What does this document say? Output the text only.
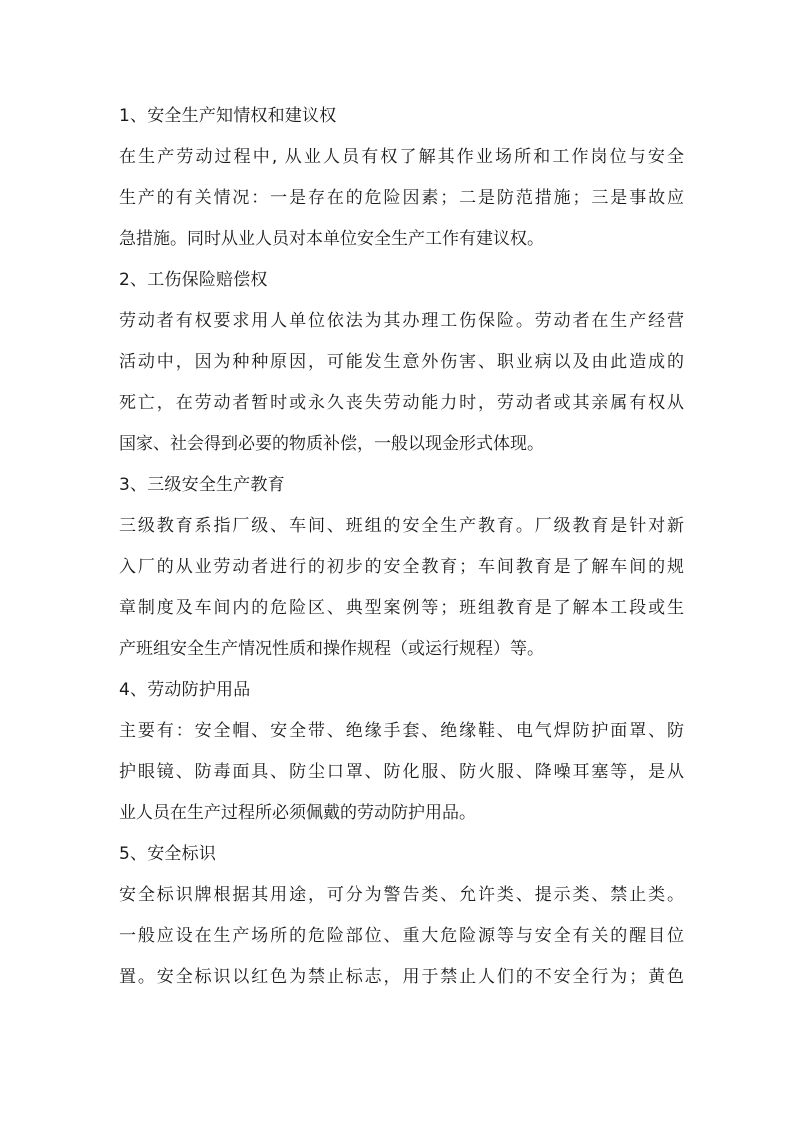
1、安全生产知情权和建议权
在生产劳动过程中, 从业人员有权了解其作业场所和工作岗位与安全
生产的有关情况：一是存在的危险因素；二是防范措施；三是事故应
急措施。同时从业人员对本单位安全生产工作有建议权。
2、工伤保险赔偿权
劳动者有权要求用人单位依法为其办理工伤保险。劳动者在生产经营
活动中，因为种种原因，可能发生意外伤害、职业病以及由此造成的
死亡，在劳动者暂时或永久丧失劳动能力时，劳动者或其亲属有权从
国家、社会得到必要的物质补偿，一般以现金形式体现。
3、三级安全生产教育
三级教育系指厂级、车间、班组的安全生产教育。厂级教育是针对新
入厂的从业劳动者进行的初步的安全教育；车间教育是了解车间的规
章制度及车间内的危险区、典型案例等；班组教育是了解本工段或生
产班组安全生产情况性质和操作规程（或运行规程）等。
4、劳动防护用品
主要有：安全帽、安全带、绝缘手套、绝缘鞋、电气焊防护面罩、防
护眼镜、防毒面具、防尘口罩、防化服、防火服、降噪耳塞等，是从
业人员在生产过程所必须佩戴的劳动防护用品。
5、安全标识
安全标识牌根据其用途，可分为警告类、允许类、提示类、禁止类。
一般应设在生产场所的危险部位、重大危险源等与安全有关的醒目位
置。安全标识以红色为禁止标志，用于禁止人们的不安全行为；黄色
